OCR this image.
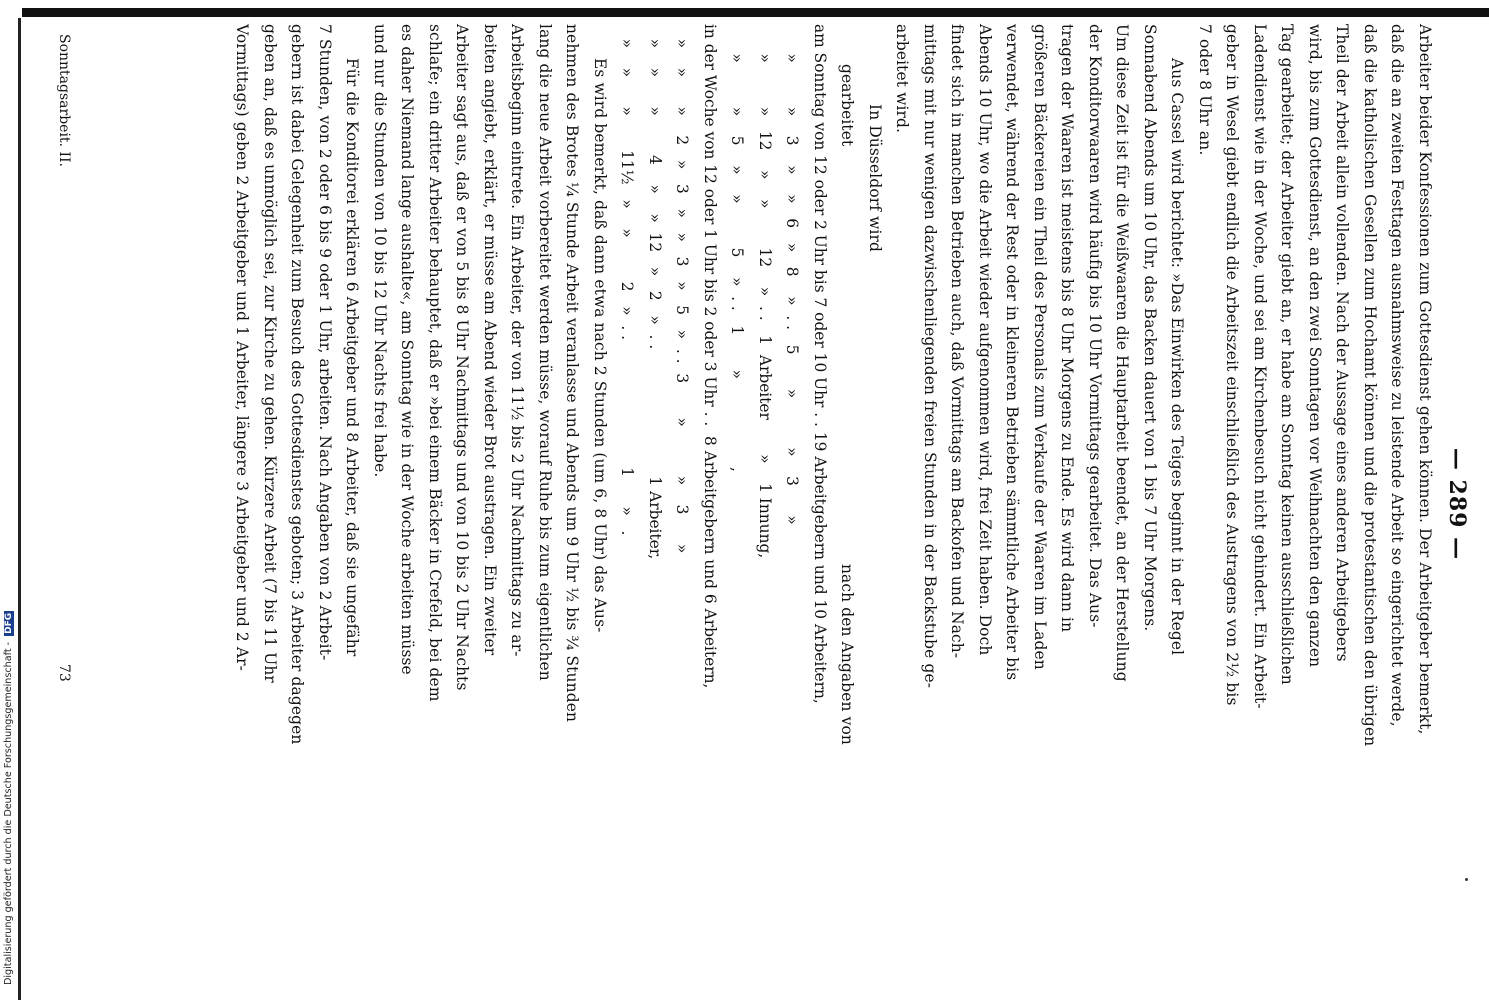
Digitalisierung gefördert durch die Deutsche Forschungsgemeinschaft - DFG
— 289 —
Arbeiter beider Konfessionen zum Gottesdienst gehen können. Der Arbeitgeber bemerkt,
daß die an zweiten Festtagen ausnahmsweise zu leistende Arbeit so eingerichtet werde,
daß die katholischen Gesellen zum Hochamt können und die protestantischen den übrigen
Theil der Arbeit allein vollenden. Nach der Aussage eines anderen Arbeitgebers
wird, bis zum Gottesdienst, an den zwei Sonntagen vor Weihnachten den ganzen
Tag gearbeitet; der Arbeiter giebt an, er habe am Sonntag keinen ausschließlichen
Ladendienst wie in der Woche, und sei am Kirchenbesuch nicht gehindert. Ein Arbeit-
geber in Wesel giebt endlich die Arbeitszeit einschließlich des Austragens von 2½ bis
7 oder 8 Uhr an.
Aus Cassel wird berichtet: »Das Einwirken des Teiges beginnt in der Regel
Sonnabend Abends um 10 Uhr, das Backen dauert von 1 bis 7 Uhr Morgens.
Um diese Zeit ist für die Weißwaaren die Hauptarbeit beendet, an der Herstellung
der Konditorwaaren wird häufig bis 10 Uhr Vormittags gearbeitet. Das Aus-
tragen der Waaren ist meistens bis 8 Uhr Morgens zu Ende. Es wird dann in
größeren Bäckereien ein Theil des Personals zum Verkaufe der Waaren im Laden
verwendet, während der Rest oder in kleineren Betrieben sämmtliche Arbeiter bis
Abends 10 Uhr, wo die Arbeit wieder aufgenommen wird, frei Zeit haben. Doch
findet sich in manchen Betrieben auch, daß Vormittags am Backofen und Nach-
mittags mit nur wenigen dazwischenliegenden freien Stunden in der Backstube ge-
arbeitet wird.
In Düsseldorf wird
gearbeitet
nach den Angaben von
am Sonntag von 12 oder 2 Uhr bis 7 oder 10 Uhr . . 19 Arbeitgebern und 10 Arbeitern,
»         »    3    »    »   6   »   8    »  . .   5       »          »    3      »
»         »   12    »    »        12    »  . .   1  Arbeiter       »    1 Innung,
»         »    5    »    »         5    »  . .   1       »                  ,
in der Woche von 12 oder 1 Uhr bis 2 oder 3 Uhr . .  8 Arbeitgebern und 6 Arbeitern,
»    »      »    2   »   3   »   »   3   »   5   »  . .  3       »          »    3      »
»    »      »        4    »    »  12   »   2   »  . .                          1 Arbeiter,
»    »      »       11½   »    »         2   »  . .                          1      »   .
Es wird bemerkt, daß dann etwa nach 2 Stunden (um 6, 8 Uhr) das Aus-
nehmen des Brotes ¼ Stunde Arbeit veranlasse und Abends um 9 Uhr ½ bis ¾ Stunden
lang die neue Arbeit vorbereitet werden müsse, worauf Ruhe bis zum eigentlichen
Arbeitsbeginn eintrete. Ein Arbeiter, der von 11½ bis 2 Uhr Nachmittags zu ar-
beiten angiebt, erklärt, er müsse am Abend wieder Brot austragen. Ein zweiter
Arbeiter sagt aus, daß er von 5 bis 8 Uhr Nachmittags und von 10 bis 2 Uhr Nachts
schlafe; ein dritter Arbeiter behauptet, daß er »bei einem Bäcker in Crefeld, bei dem
es daher Niemand lange aushalte«, am Sonntag wie in der Woche arbeiten müsse
und nur die Stunden von 10 bis 12 Uhr Nachts frei habe.
Für die Konditorei erklären 6 Arbeitgeber und 8 Arbeiter, daß sie ungefähr
7 Stunden, von 2 oder 6 bis 9 oder 1 Uhr, arbeiten. Nach Angaben von 2 Arbeit-
gebern ist dabei Gelegenheit zum Besuch des Gottesdienstes geboten; 3 Arbeiter dagegen
geben an, daß es unmöglich sei, zur Kirche zu gehen. Kürzere Arbeit (7 bis 11 Uhr
Vormittags) geben 2 Arbeitgeber und 1 Arbeiter, längere 3 Arbeitgeber und 2 Ar-
Sonntagsarbeit. II.
73
